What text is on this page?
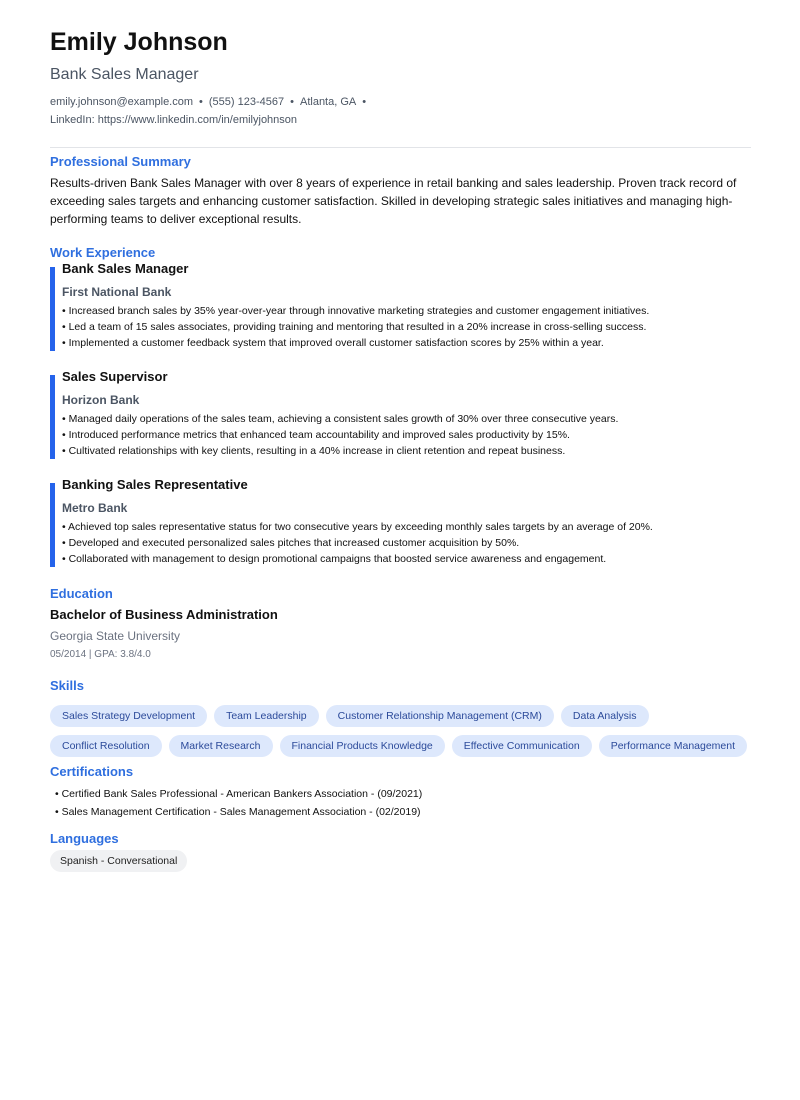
Emily Johnson
Bank Sales Manager
emily.johnson@example.com • (555) 123-4567 • Atlanta, GA •LinkedIn: https://www.linkedin.com/in/emilyjohnson
Professional Summary
Results-driven Bank Sales Manager with over 8 years of experience in retail banking and sales leadership. Proven track record of exceeding sales targets and enhancing customer satisfaction. Skilled in developing strategic sales initiatives and managing high-performing teams to deliver exceptional results.
Work Experience
Bank Sales Manager
First National Bank
• Increased branch sales by 35% year-over-year through innovative marketing strategies and customer engagement initiatives.
• Led a team of 15 sales associates, providing training and mentoring that resulted in a 20% increase in cross-selling success.
• Implemented a customer feedback system that improved overall customer satisfaction scores by 25% within a year.
Sales Supervisor
Horizon Bank
• Managed daily operations of the sales team, achieving a consistent sales growth of 30% over three consecutive years.
• Introduced performance metrics that enhanced team accountability and improved sales productivity by 15%.
• Cultivated relationships with key clients, resulting in a 40% increase in client retention and repeat business.
Banking Sales Representative
Metro Bank
• Achieved top sales representative status for two consecutive years by exceeding monthly sales targets by an average of 20%.
• Developed and executed personalized sales pitches that increased customer acquisition by 50%.
• Collaborated with management to design promotional campaigns that boosted service awareness and engagement.
Education
Bachelor of Business Administration
Georgia State University
05/2014 | GPA: 3.8/4.0
Skills
Sales Strategy Development	Team Leadership	Customer Relationship Management (CRM)	Data Analysis
Conflict Resolution	Market Research	Financial Products Knowledge	Effective Communication	Performance Management
Certifications
• Certified Bank Sales Professional - American Bankers Association - (09/2021)
• Sales Management Certification - Sales Management Association - (02/2019)
Languages
Spanish - Conversational
